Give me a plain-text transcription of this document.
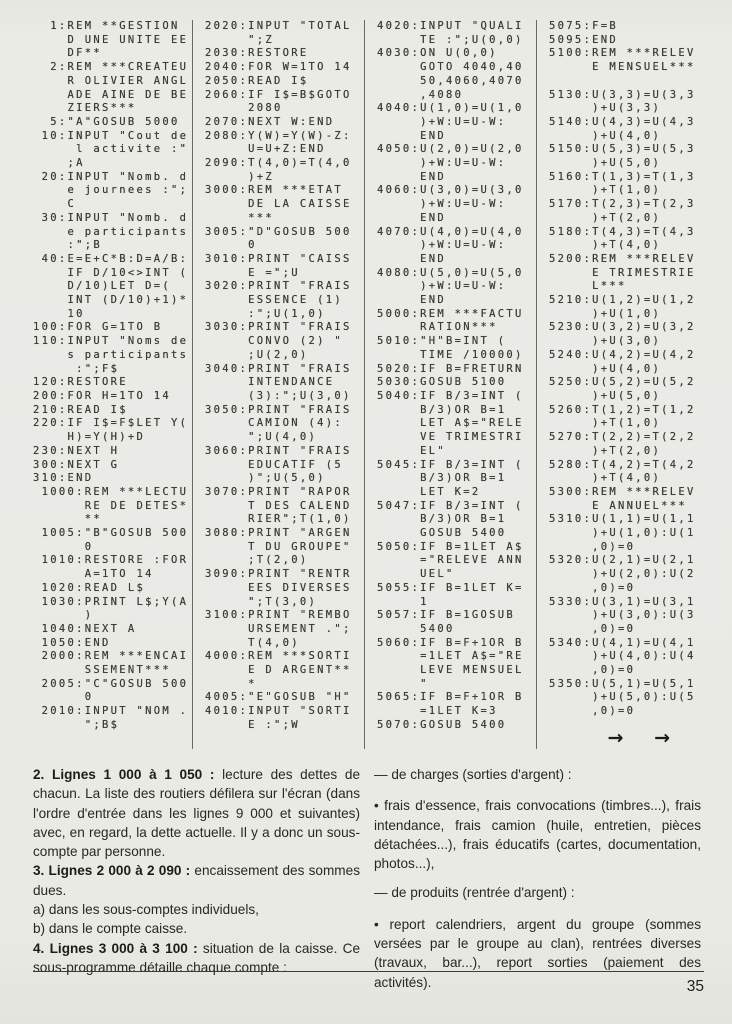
1:REM **GESTION
D UNE UNITE EE
DF**
2:REM ***CREATEU
R OLIVIER ANGL
ADE AINE DE BE
ZIERS***
5:"A"GOSUB 5000
10:INPUT "Cout de
l activite :"
;A
20:INPUT "Nomb. d
e journees :";
C
30:INPUT "Nomb. d
e participants
:";B
40:E=E+C*B:D=A/B:
IF D/10<>INT (
D/10)LET D=(
INT (D/10)+1)*
10
100:FOR G=1TO B
110:INPUT "Noms de
s participants
:";F$
120:RESTORE
200:FOR H=1TO 14
210:READ I$
220:IF I$=F$LET Y(
H)=Y(H)+D
230:NEXT H
300:NEXT G
310:END
1000:REM ***LECTU
RE DE DETES*
**
1005:"B"GOSUB 500
0
1010:RESTORE :FOR
A=1TO 14
1020:READ L$
1030:PRINT L$;Y(A
)
1040:NEXT A
1050:END
2000:REM ***ENCAI
SSEMENT***
2005:"C"GOSUB 500
0
2010:INPUT "NOM .
";B$
2020:INPUT "TOTAL
";Z
2030:RESTORE
2040:FOR W=1TO 14
2050:READ I$
2060:IF I$=B$GOTO
2080
2070:NEXT W:END
2080:Y(W)=Y(W)-Z:
U=U+Z:END
2090:T(4,0)=T(4,0
)+Z
3000:REM ***ETAT
DE LA CAISSE
***
3005:"D"GOSUB 500
0
3010:PRINT "CAISS
E =";U
3020:PRINT "FRAIS
ESSENCE (1)
:";U(1,0)
3030:PRINT "FRAIS
CONVO (2) "
;U(2,0)
3040:PRINT "FRAIS
INTENDANCE
(3):";U(3,0)
3050:PRINT "FRAIS
CAMION (4):
";U(4,0)
3060:PRINT "FRAIS
EDUCATIF (5
)";U(5,0)
3070:PRINT "RAPOR
T DES CALEND
RIER";T(1,0)
3080:PRINT "ARGEN
T DU GROUPE"
;T(2,0)
3090:PRINT "RENTR
EES DIVERSES
";T(3,0)
3100:PRINT "REMBO
URSEMENT .";
T(4,0)
4000:REM ***SORTI
E D ARGENT**
*
4005:"E"GOSUB "H"
4010:INPUT "SORTI
E :";W
4020:INPUT "QUALI
TE :";U(0,0)
4030:ON U(0,0)
GOTO 4040,40
50,4060,4070
,4080
4040:U(1,0)=U(1,0
)+W:U=U-W:
END
4050:U(2,0)=U(2,0
)+W:U=U-W:
END
4060:U(3,0)=U(3,0
)+W:U=U-W:
END
4070:U(4,0)=U(4,0
)+W:U=U-W:
END
4080:U(5,0)=U(5,0
)+W:U=U-W:
END
5000:REM ***FACTU
RATION***
5010:"H"B=INT (
TIME /10000)
5020:IF B=FRETURN
5030:GOSUB 5100
5040:IF B/3=INT (
B/3)OR B=1
LET A$="RELE
VE TRIMESTRI
EL"
5045:IF B/3=INT (
B/3)OR B=1
LET K=2
5047:IF B/3=INT (
B/3)OR B=1
GOSUB 5400
5050:IF B=1LET A$
="RELEVE ANN
UEL"
5055:IF B=1LET K=
1
5057:IF B=1GOSUB
5400
5060:IF B=F+1OR B
=1LET A$="RE
LEVE MENSUEL
"
5065:IF B=F+1OR B
=1LET K=3
5070:GOSUB 5400
5075:F=B
5095:END
5100:REM ***RELEV
E MENSUEL***

5130:U(3,3)=U(3,3
)+U(3,3)
5140:U(4,3)=U(4,3
)+U(4,0)
5150:U(5,3)=U(5,3
)+U(5,0)
5160:T(1,3)=T(1,3
)+T(1,0)
5170:T(2,3)=T(2,3
)+T(2,0)
5180:T(4,3)=T(4,3
)+T(4,0)
5200:REM ***RELEV
E TRIMESTRIE
L***
5210:U(1,2)=U(1,2
)+U(1,0)
5230:U(3,2)=U(3,2
)+U(3,0)
5240:U(4,2)=U(4,2
)+U(4,0)
5250:U(5,2)=U(5,2
)+U(5,0)
5260:T(1,2)=T(1,2
)+T(1,0)
5270:T(2,2)=T(2,2
)+T(2,0)
5280:T(4,2)=T(4,2
)+T(4,0)
5300:REM ***RELEV
E ANNUEL***
5310:U(1,1)=U(1,1
)+U(1,0):U(1
,0)=0
5320:U(2,1)=U(2,1
)+U(2,0):U(2
,0)=0
5330:U(3,1)=U(3,1
)+U(3,0):U(3
,0)=0
5340:U(4,1)=U(4,1
)+U(4,0):U(4
,0)=0
5350:U(5,1)=U(5,1
)+U(5,0):U(5
,0)=0
→ →

2. Lignes 1 000 à 1 050 : lecture des dettes de chacun. La liste des routiers défilera sur l'écran (dans l'ordre d'entrée dans les lignes 9 000 et suivantes) avec, en regard, la dette actuelle. Il y a donc un sous-compte par personne.

3. Lignes 2 000 à 2 090 : encaissement des sommes dues.

a) dans les sous-comptes individuels,

b) dans le compte caisse.

4. Lignes 3 000 à 3 100 : situation de la caisse. Ce sous-programme détaille chaque compte :

— de charges (sorties d'argent) :

• frais d'essence, frais convocations (timbres...), frais intendance, frais camion (huile, entretien, pièces détachées...), frais éducatifs (cartes, documentation, photos...),

— de produits (rentrée d'argent) :

• report calendriers, argent du groupe (sommes versées par le groupe au clan), rentrées diverses (travaux, bar...), report sorties (paiement des activités).	35
